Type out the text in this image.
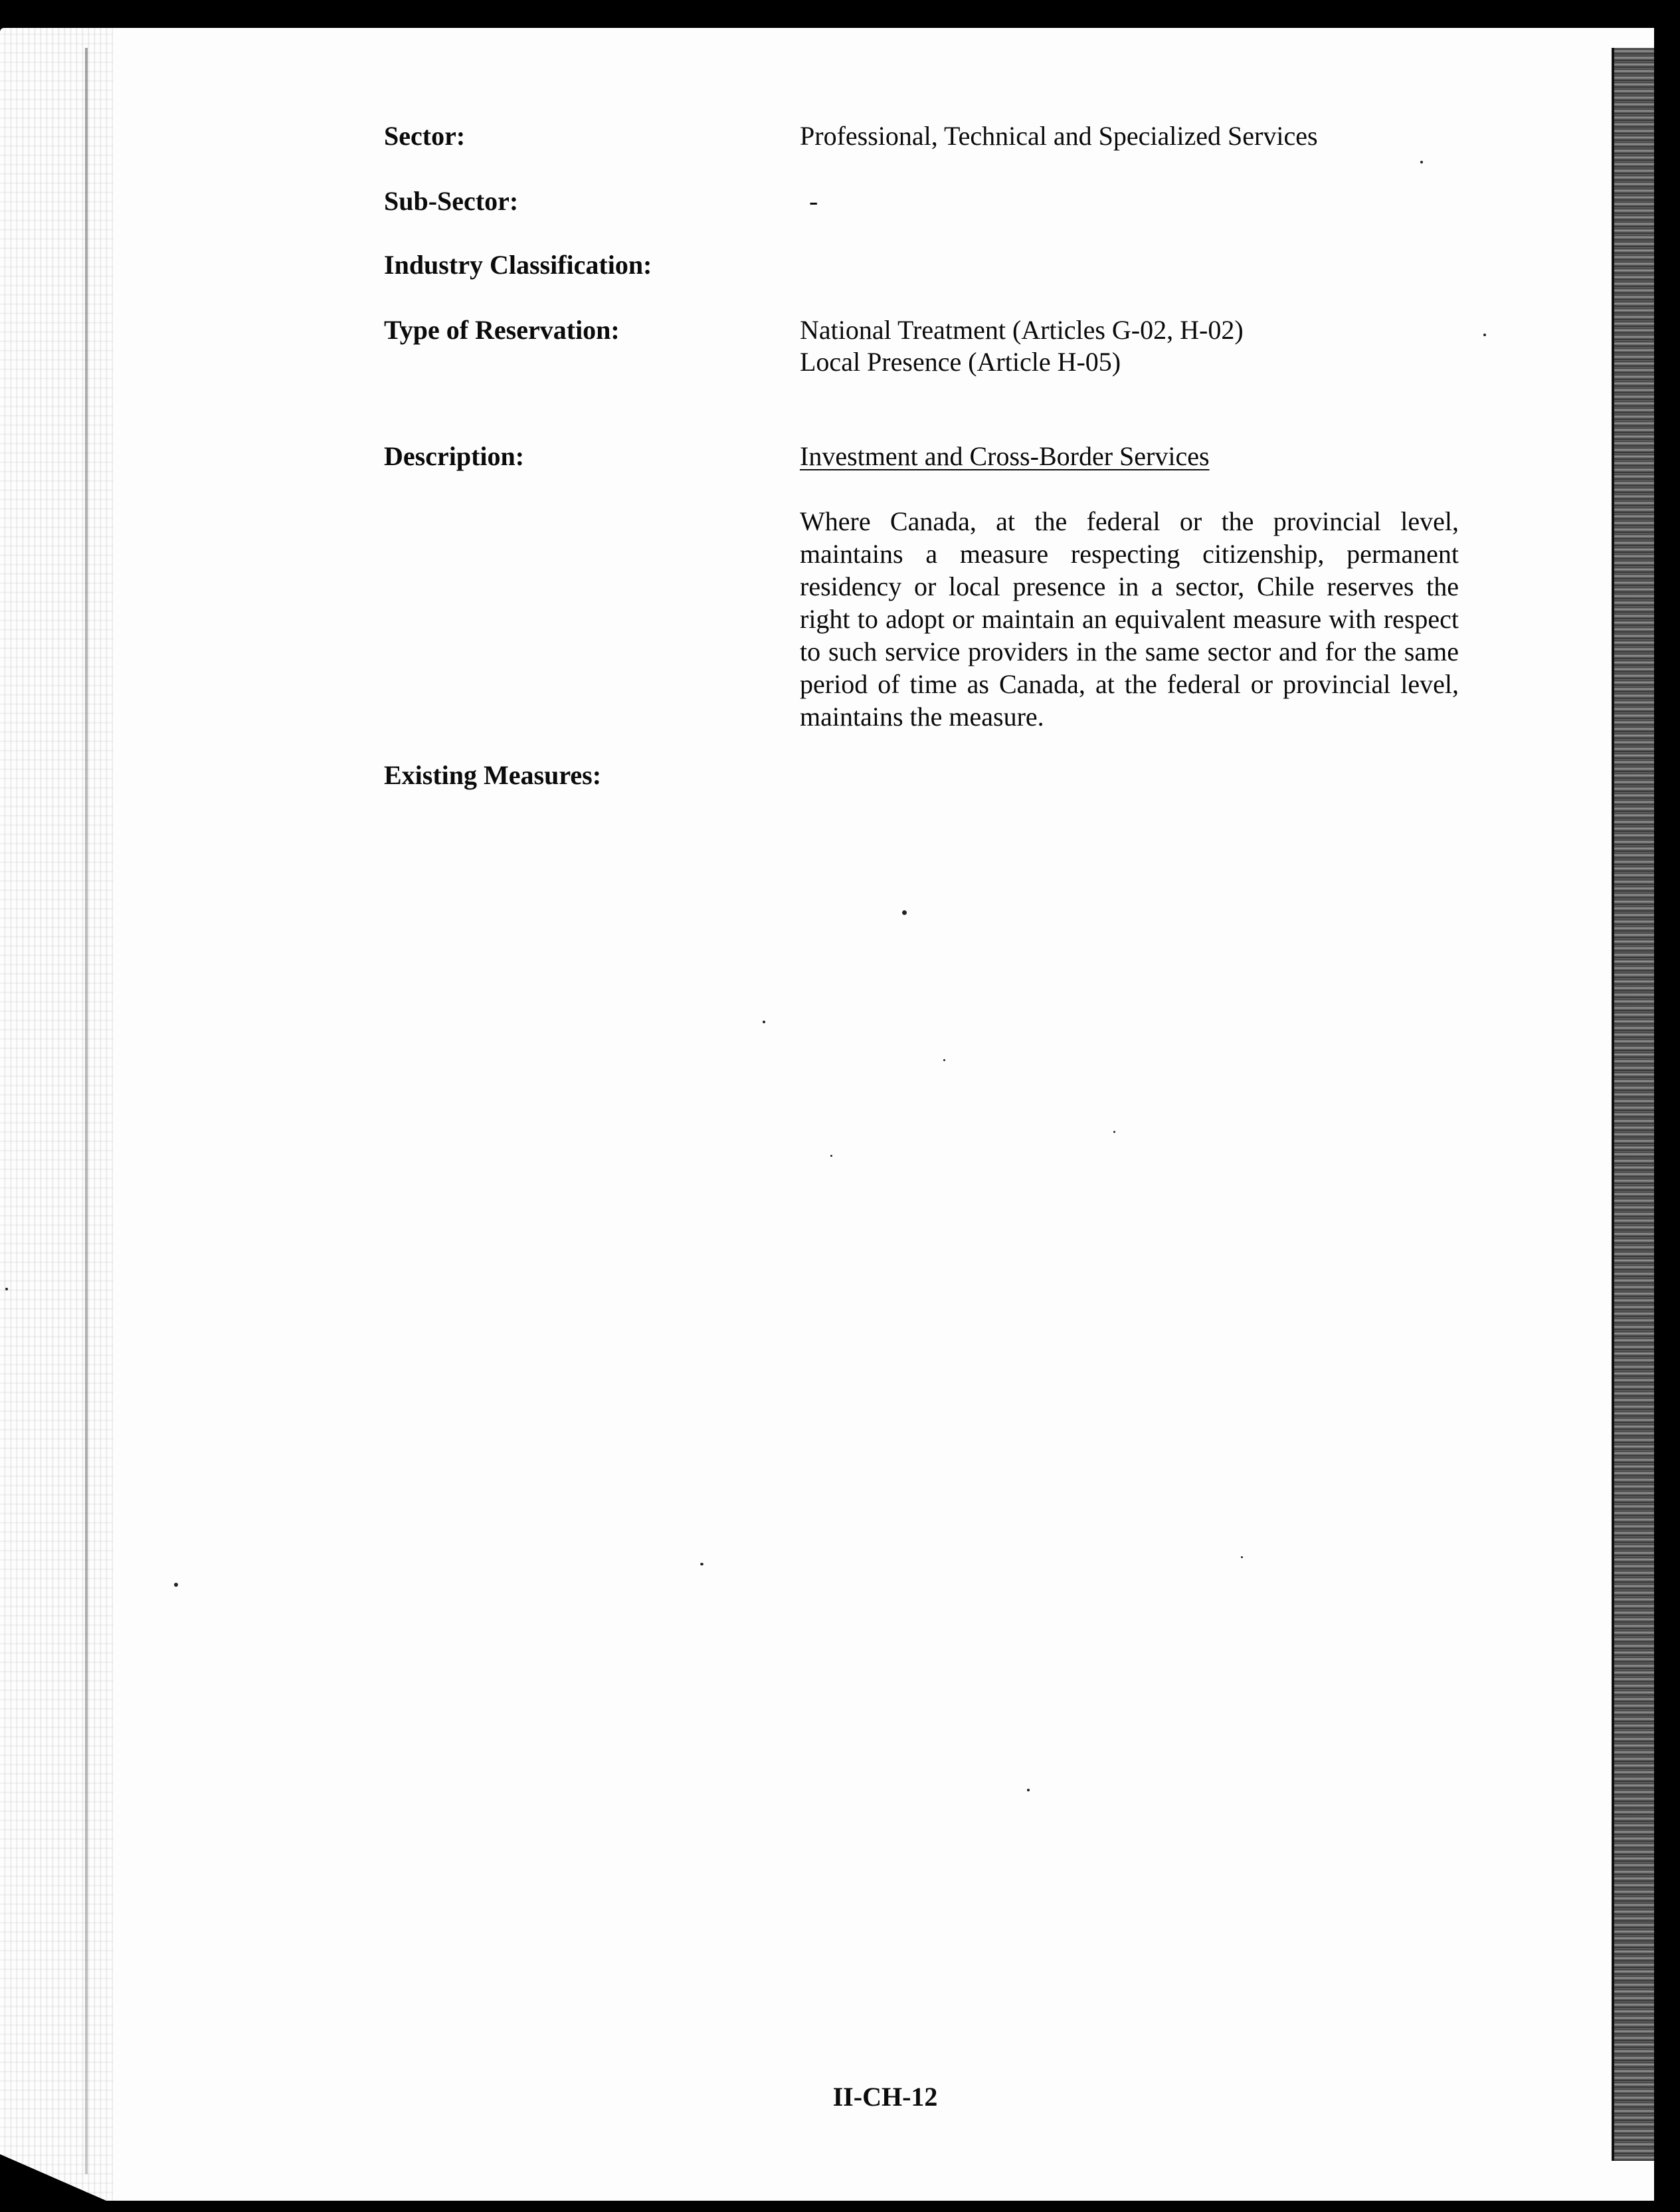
Sector:	Professional, Technical and Specialized Services
Sub-Sector:	-
Industry Classification:
Type of Reservation:	National Treatment (Articles G-02, H-02)
Local Presence (Article H-05)
Description:	Investment and Cross-Border Services
Where Canada, at the federal or the provincial level, maintains a measure respecting citizenship, permanent residency or local presence in a sector, Chile reserves the right to adopt or maintain an equivalent measure with respect to such service providers in the same sector and for the same period of time as Canada, at the federal or provincial level, maintains the measure.
Existing Measures:
II-CH-12
